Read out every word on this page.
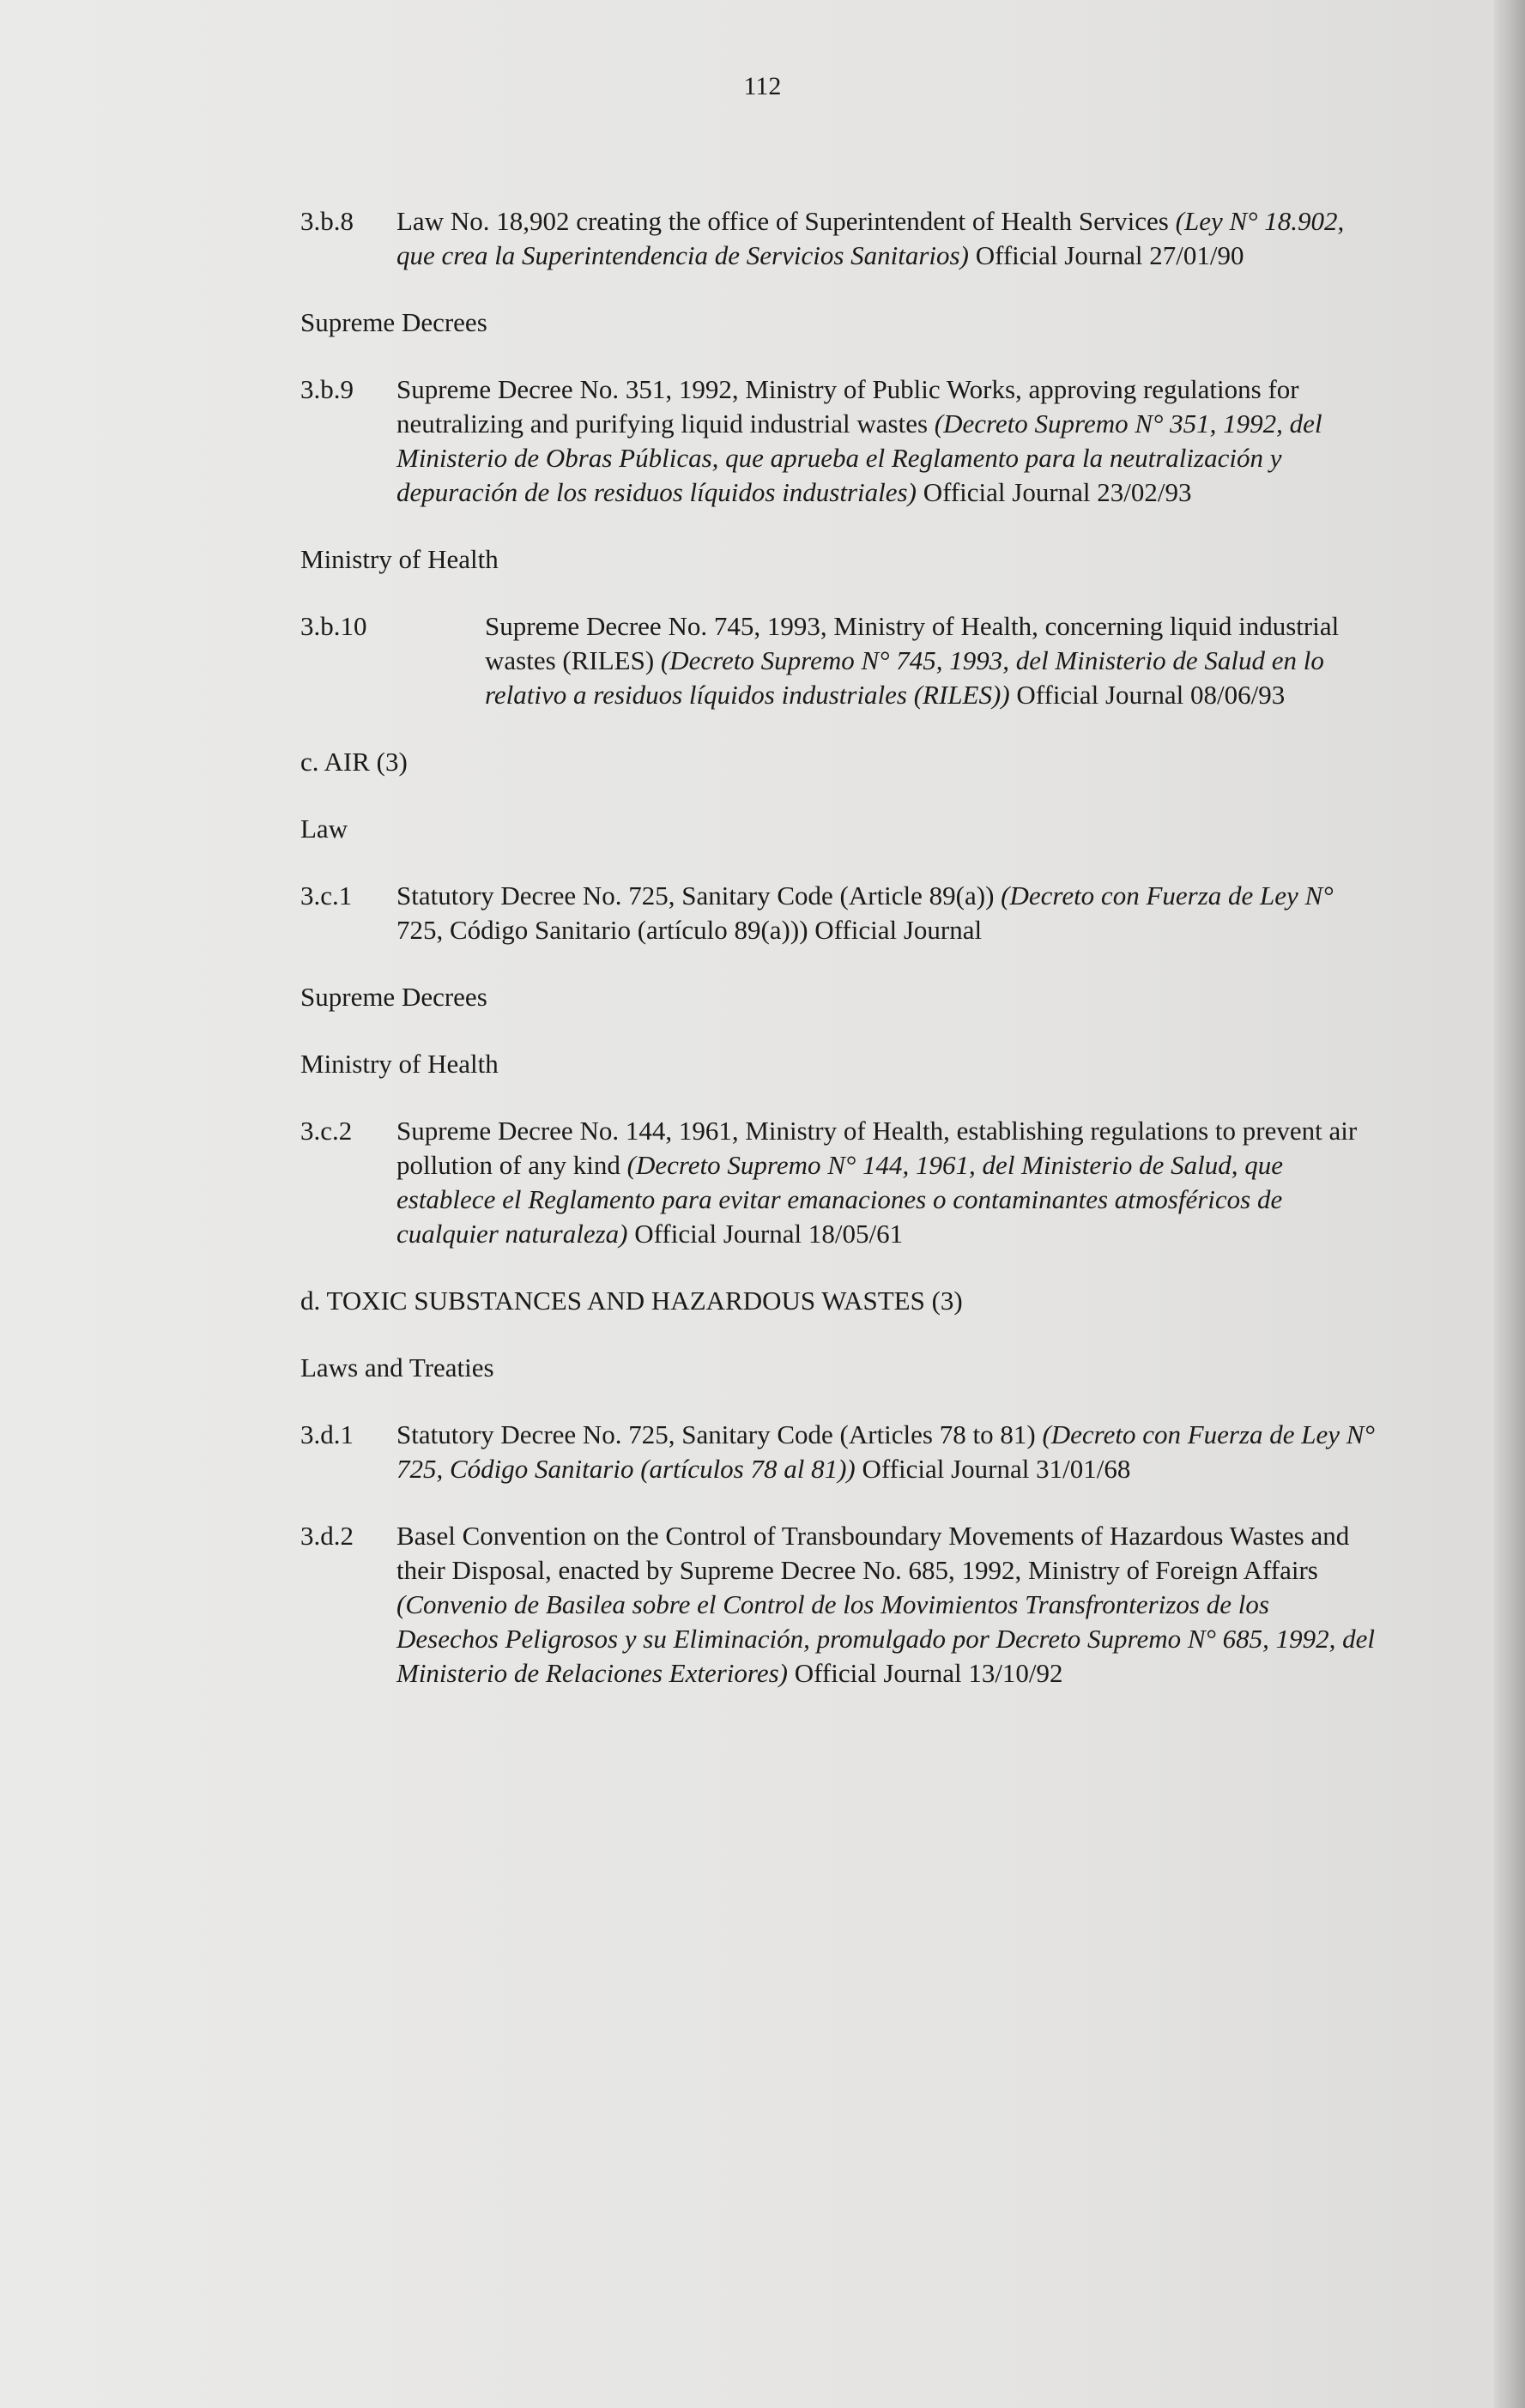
112
3.b.8	Law No. 18,902 creating the office of Superintendent of Health Services (Ley N° 18.902, que crea la Superintendencia de Servicios Sanitarios) Official Journal 27/01/90
Supreme Decrees
3.b.9	Supreme Decree No. 351, 1992, Ministry of Public Works, approving regulations for neutralizing and purifying liquid industrial wastes (Decreto Supremo N° 351, 1992, del Ministerio de Obras Públicas, que aprueba el Reglamento para la neutralización y depuración de los residuos líquidos industriales) Official Journal 23/02/93
Ministry of Health
3.b.10	Supreme Decree No. 745, 1993, Ministry of Health, concerning liquid industrial wastes (RILES) (Decreto Supremo N° 745, 1993, del Ministerio de Salud en lo relativo a residuos líquidos industriales (RILES)) Official Journal 08/06/93
c. AIR (3)
Law
3.c.1	Statutory Decree No. 725, Sanitary Code (Article 89(a)) (Decreto con Fuerza de Ley N° 725, Código Sanitario (artículo 89(a))) Official Journal
Supreme Decrees
Ministry of Health
3.c.2	Supreme Decree No. 144, 1961, Ministry of Health, establishing regulations to prevent air pollution of any kind (Decreto Supremo N° 144, 1961, del Ministerio de Salud, que establece el Reglamento para evitar emanaciones o contaminantes atmosféricos de cualquier naturaleza) Official Journal 18/05/61
d. TOXIC SUBSTANCES AND HAZARDOUS WASTES (3)
Laws and Treaties
3.d.1	Statutory Decree No. 725, Sanitary Code (Articles 78 to 81) (Decreto con Fuerza de Ley N° 725, Código Sanitario (artículos 78 al 81)) Official Journal 31/01/68
3.d.2	Basel Convention on the Control of Transboundary Movements of Hazardous Wastes and their Disposal, enacted by Supreme Decree No. 685, 1992, Ministry of Foreign Affairs (Convenio de Basilea sobre el Control de los Movimientos Transfronterizos de los Desechos Peligrosos y su Eliminación, promulgado por Decreto Supremo N° 685, 1992, del Ministerio de Relaciones Exteriores) Official Journal 13/10/92
